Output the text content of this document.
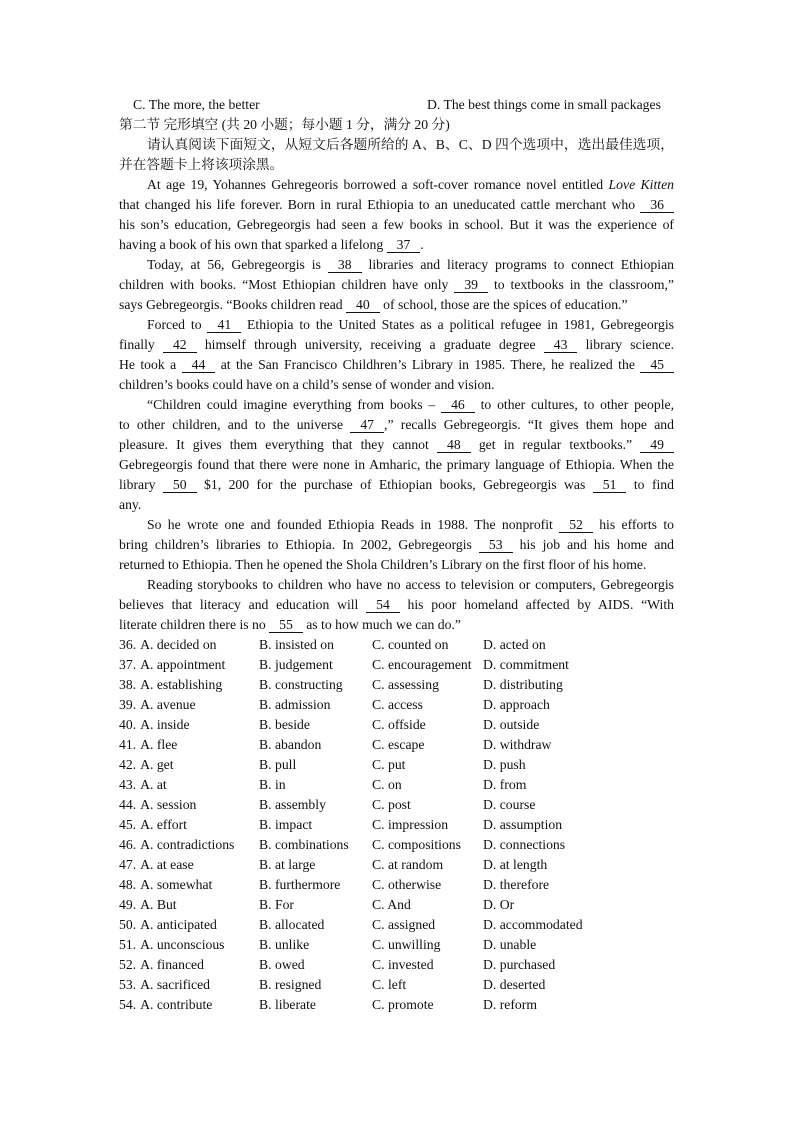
C. The more, the better	D. The best things come in small packages
第二节 完形填空 (共 20 小题；每小题 1 分，满分 20 分)
请认真阅读下面短文，从短文后各题所给的 A、B、C、D 四个选项中，选出最佳选项，
并在答题卡上将该项涂黑。
At age 19, Yohannes Gehregeoris borrowed a soft-cover romance novel entitled Love Kitten
that changed his life forever. Born in rural Ethiopia to an uneducated cattle merchant who 36
his son’s education, Gebregeorgis had seen a few books in school. But it was the experience of
having a book of his own that sparked a lifelong 37 .
Today, at 56, Gebregeorgis is 38 libraries and literacy programs to connect Ethiopian
children with books. “Most Ethiopian children have only 39 to textbooks in the classroom,”
says Gebregeorgis. “Books children read 40 of school, those are the spices of education.”
Forced to 41 Ethiopia to the United States as a political refugee in 1981, Gebregeorgis
finally 42 himself through university, receiving a graduate degree 43 library science.
He took a 44 at the San Francisco Childhren’s Library in 1985. There, he realized the 45
children’s books could have on a child’s sense of wonder and vision.
“Children could imagine everything from books – 46 to other cultures, to other people,
to other children, and to the universe 47 ,” recalls Gebregeorgis. “It gives them hope and
pleasure. It gives them everything that they cannot 48 get in regular textbooks.” 49
Gebregeorgis found that there were none in Amharic, the primary language of Ethiopia. When the
library 50 $1, 200 for the purchase of Ethiopian books, Gebregeorgis was 51 to find
any.
So he wrote one and founded Ethiopia Reads in 1988. The nonprofit 52 his efforts to
bring children’s libraries to Ethiopia. In 2002, Gebregeorgis 53 his job and his home and
returned to Ethiopia. Then he opened the Shola Children’s Library on the first floor of his home.
Reading storybooks to children who have no access to television or computers, Gebregeorgis
believes that literacy and education will 54 his poor homeland affected by AIDS. “With
literate children there is no 55 as to how much we can do.”
36. A. decided on	B. insisted on	C. counted on	D. acted on
37. A. appointment	B. judgement	C. encouragement D. commitment
38. A. establishing	B. constructing	C. assessing	D. distributing
39. A. avenue	B. admission	C. access	D. approach
40. A. inside	B. beside	C. offside	D. outside
41. A. flee	B. abandon	C. escape	D. withdraw
42. A. get	B. pull	C. put	D. push
43. A. at	B. in	C. on	D. from
44. A. session	B. assembly	C. post	D. course
45. A. effort	B. impact	C. impression	D. assumption
46. A. contradictions	B. combinations	C. compositions	D. connections
47. A. at ease	B. at large	C. at random	D. at length
48. A. somewhat	B. furthermore	C. otherwise	D. therefore
49. A. But	B. For	C. And	D. Or
50. A. anticipated	B. allocated	C. assigned	D. accommodated
51. A. unconscious	B. unlike	C. unwilling	D. unable
52. A. financed	B. owed	C. invested	D. purchased
53. A. sacrificed	B. resigned	C. left	D. deserted
54. A. contribute	B. liberate	C. promote	D. reform
